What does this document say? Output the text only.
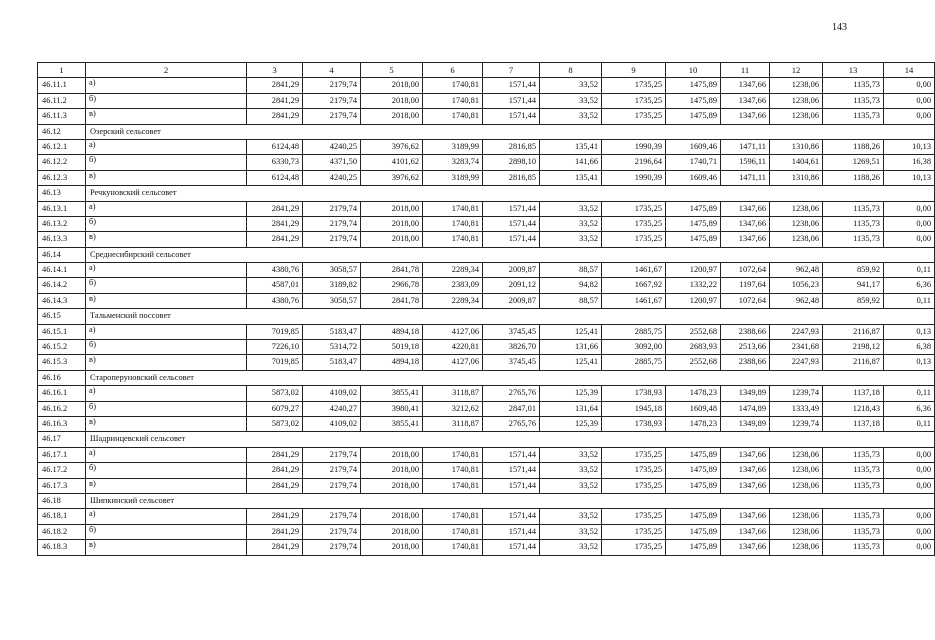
143
1	2	3	4	5	6	7	8	9	10	11	12	13	14
46.11.1	а)	2841,29	2179,74	2018,00	1740,81	1571,44	33,52	1735,25	1475,89	1347,66	1238,06	1135,73	0,00
46.11.2	б)	2841,29	2179,74	2018,00	1740,81	1571,44	33,52	1735,25	1475,89	1347,66	1238,06	1135,73	0,00
46.11.3	в)	2841,29	2179,74	2018,00	1740,81	1571,44	33,52	1735,25	1475,89	1347,66	1238,06	1135,73	0,00
46.12	Озерский сельсовет												
46.12.1	а)	6124,48	4240,25	3976,62	3189,99	2816,85	135,41	1990,39	1609,46	1471,11	1310,86	1188,26	10,13
46.12.2	б)	6330,73	4371,50	4101,62	3283,74	2898,10	141,66	2196,64	1740,71	1596,11	1404,61	1269,51	16,38
46.12.3	в)	6124,48	4240,25	3976,62	3189,99	2816,85	135,41	1990,39	1609,46	1471,11	1310,86	1188,26	10,13
46.13	Речкуновский сельсовет												
46.13.1	а)	2841,29	2179,74	2018,00	1740,81	1571,44	33,52	1735,25	1475,89	1347,66	1238,06	1135,73	0,00
46.13.2	б)	2841,29	2179,74	2018,00	1740,81	1571,44	33,52	1735,25	1475,89	1347,66	1238,06	1135,73	0,00
46.13.3	в)	2841,29	2179,74	2018,00	1740,81	1571,44	33,52	1735,25	1475,89	1347,66	1238,06	1135,73	0,00
46.14	Среднесибирский сельсовет												
46.14.1	а)	4380,76	3058,57	2841,78	2289,34	2009,87	88,57	1461,67	1200,97	1072,64	962,48	859,92	0,11
46.14.2	б)	4587,01	3189,82	2966,78	2383,09	2091,12	94,82	1667,92	1332,22	1197,64	1056,23	941,17	6,36
46.14.3	в)	4380,76	3058,57	2841,78	2289,34	2009,87	88,57	1461,67	1200,97	1072,64	962,48	859,92	0,11
46.15	Тальменский поссовет												
46.15.1	а)	7019,85	5183,47	4894,18	4127,06	3745,45	125,41	2885,75	2552,68	2388,66	2247,93	2116,87	0,13
46.15.2	б)	7226,10	5314,72	5019,18	4220,81	3826,70	131,66	3092,00	2683,93	2513,66	2341,68	2198,12	6,38
46.15.3	в)	7019,85	5183,47	4894,18	4127,06	3745,45	125,41	2885,75	2552,68	2388,66	2247,93	2116,87	0,13
46.16	Староперуновский сельсовет												
46.16.1	а)	5873,02	4109,02	3855,41	3118,87	2765,76	125,39	1738,93	1478,23	1349,89	1239,74	1137,18	0,11
46.16.2	б)	6079,27	4240,27	3980,41	3212,62	2847,01	131,64	1945,18	1609,48	1474,89	1333,49	1218,43	6,36
46.16.3	в)	5873,02	4109,02	3855,41	3118,87	2765,76	125,39	1738,93	1478,23	1349,89	1239,74	1137,18	0,11
46.17	Шадринцевский сельсовет												
46.17.1	а)	2841,29	2179,74	2018,00	1740,81	1571,44	33,52	1735,25	1475,89	1347,66	1238,06	1135,73	0,00
46.17.2	б)	2841,29	2179,74	2018,00	1740,81	1571,44	33,52	1735,25	1475,89	1347,66	1238,06	1135,73	0,00
46.17.3	в)	2841,29	2179,74	2018,00	1740,81	1571,44	33,52	1735,25	1475,89	1347,66	1238,06	1135,73	0,00
46.18	Шипкинский сельсовет												
46.18.1	а)	2841,29	2179,74	2018,00	1740,81	1571,44	33,52	1735,25	1475,89	1347,66	1238,06	1135,73	0,00
46.18.2	б)	2841,29	2179,74	2018,00	1740,81	1571,44	33,52	1735,25	1475,89	1347,66	1238,06	1135,73	0,00
46.18.3	в)	2841,29	2179,74	2018,00	1740,81	1571,44	33,52	1735,25	1475,89	1347,66	1238,06	1135,73	0,00
